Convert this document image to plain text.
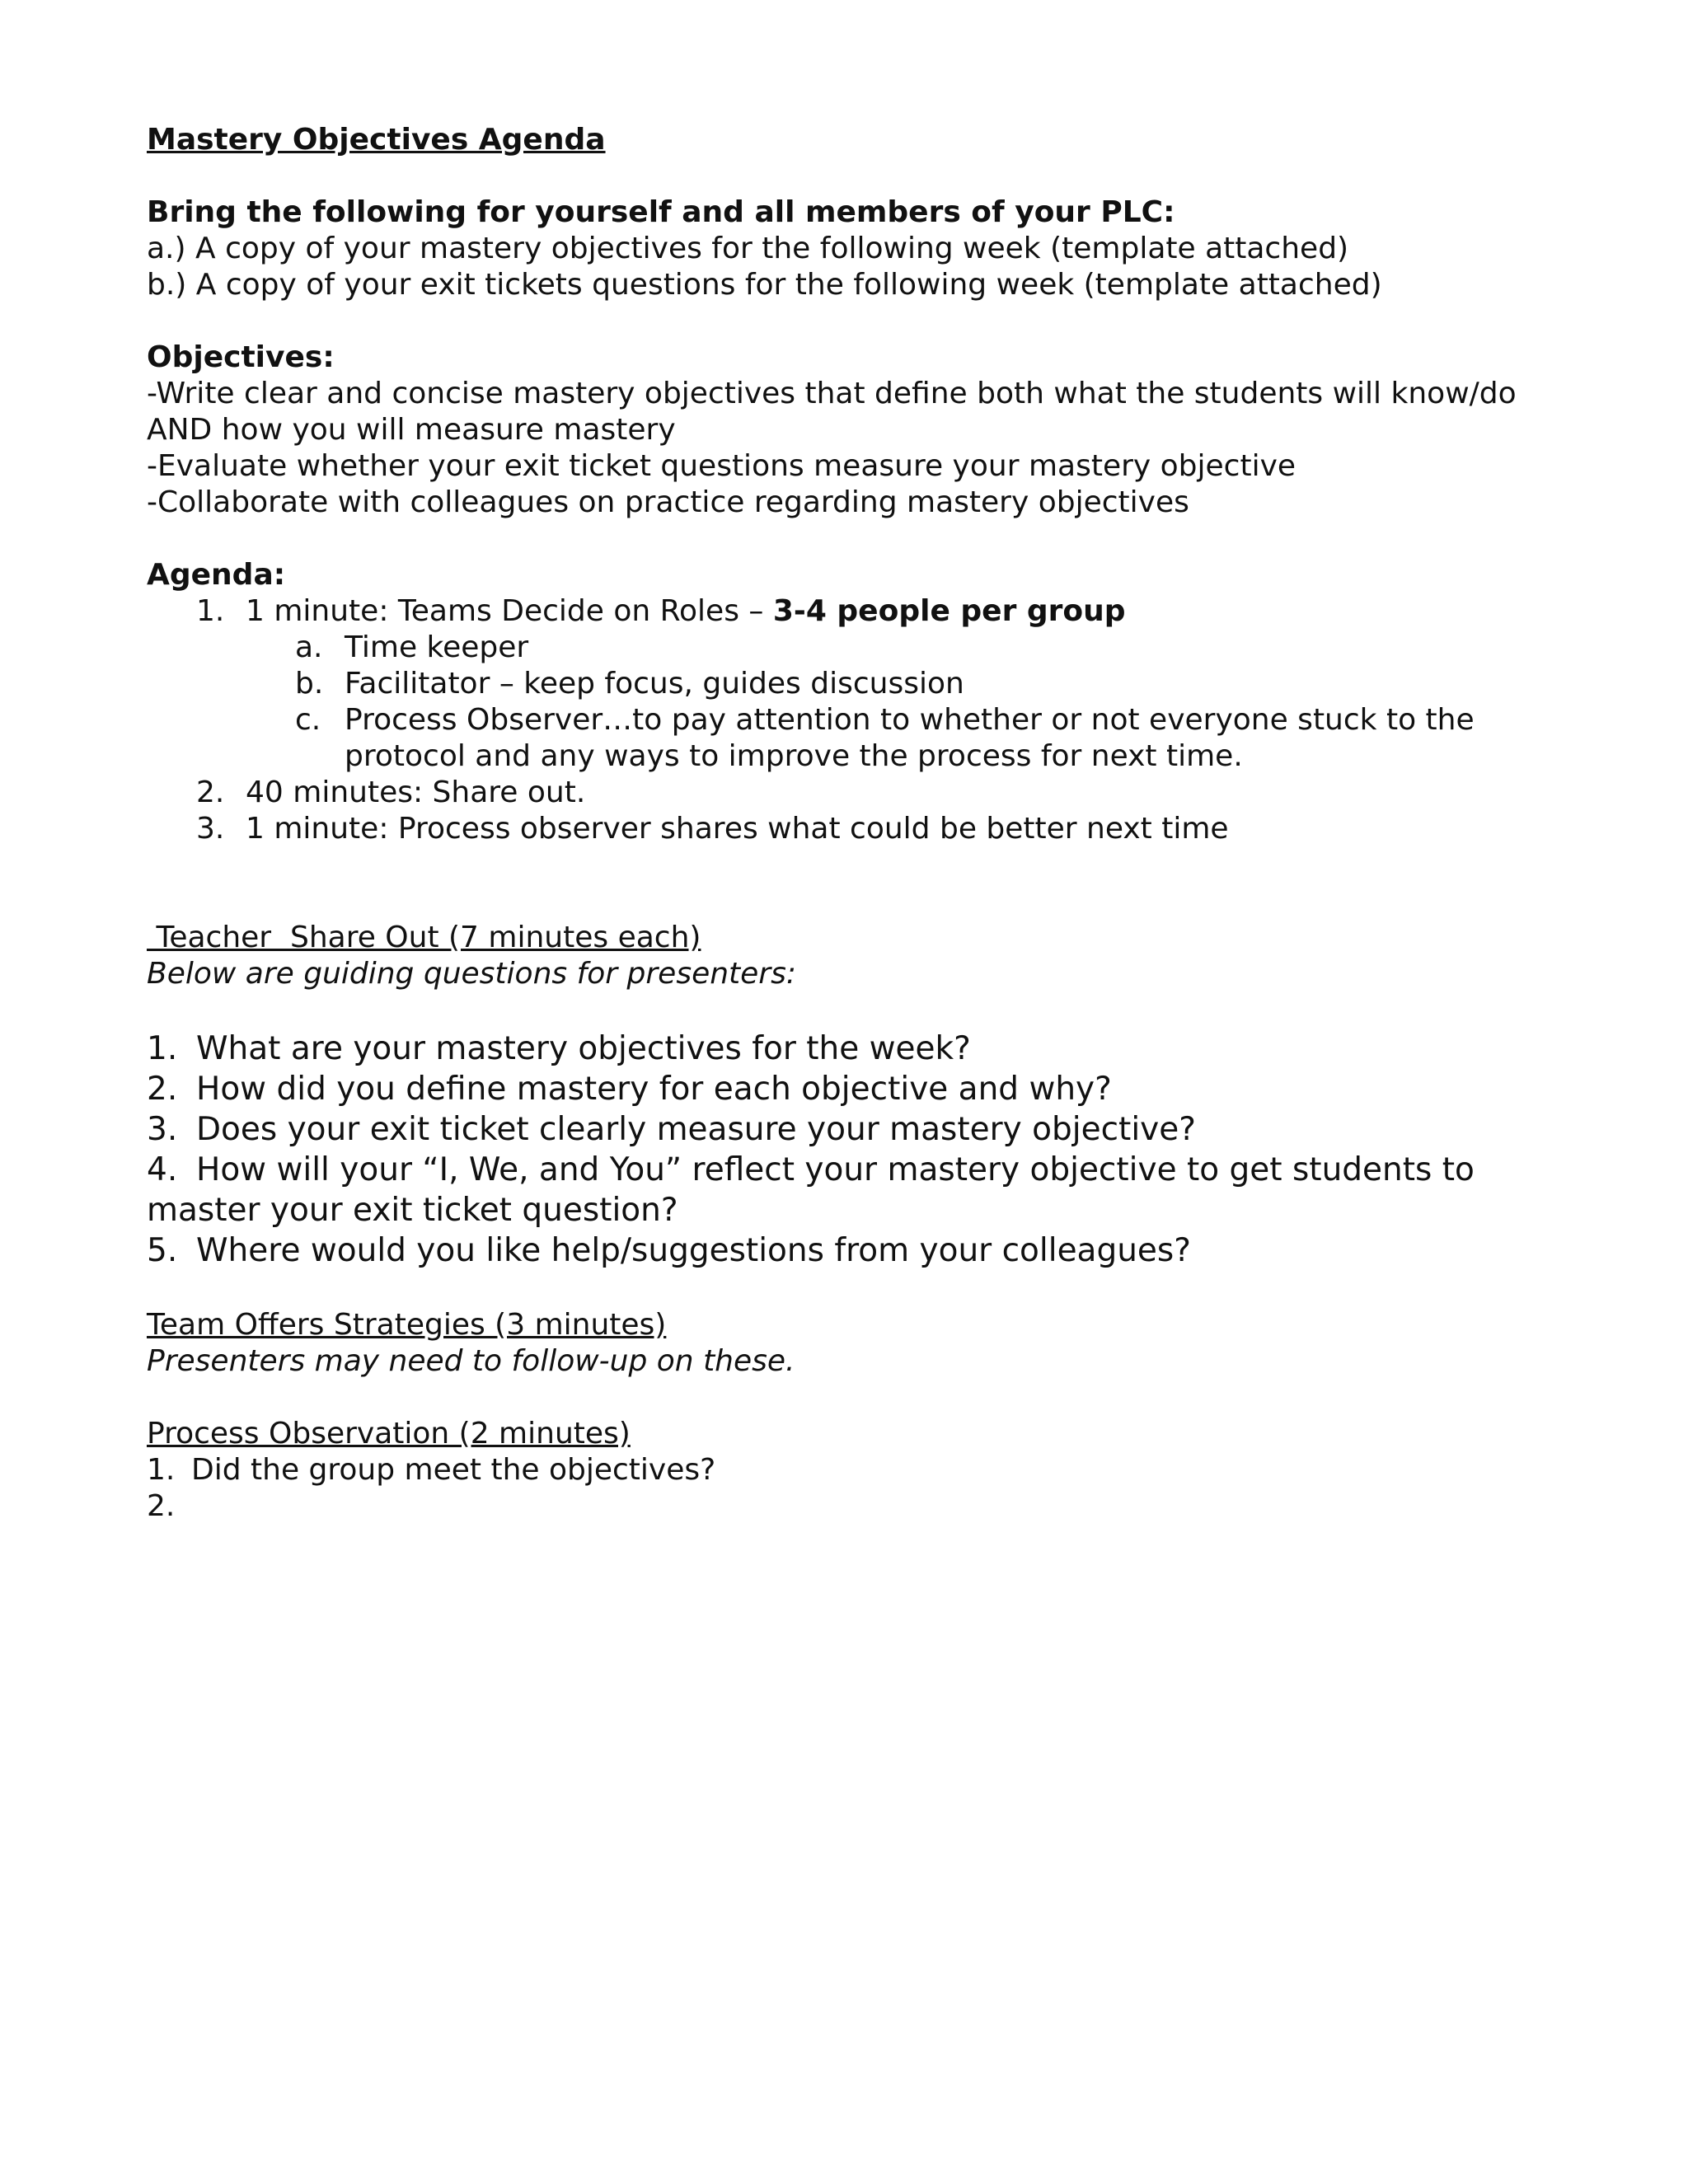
Mastery Objectives Agenda

Bring the following for yourself and all members of your PLC:

a.) A copy of your mastery objectives for the following week (template attached)

b.) A copy of your exit tickets questions for the following week (template attached)

Objectives:

-Write clear and concise mastery objectives that define both what the students will know/do AND how you will measure mastery

-Evaluate whether your exit ticket questions measure your mastery objective

-Collaborate with colleagues on practice regarding mastery objectives

Agenda:

1. 1 minute: Teams Decide on Roles – 3-4 people per group
a. Time keeper
b. Facilitator – keep focus, guides discussion
c. Process Observer…to pay attention to whether or not everyone stuck to the protocol and any ways to improve the process for next time.
2. 40 minutes: Share out.
3. 1 minute: Process observer shares what could be better next time

Teacher  Share Out (7 minutes each)

Below are guiding questions for presenters:

1. What are your mastery objectives for the week?

2. How did you define mastery for each objective and why?

3. Does your exit ticket clearly measure your mastery objective?

4. How will your “I, We, and You” reflect your mastery objective to get students to master your exit ticket question?

5. Where would you like help/suggestions from your colleagues?

Team Offers Strategies (3 minutes)

Presenters may need to follow-up on these.

Process Observation (2 minutes)

1. Did the group meet the objectives?

2.
